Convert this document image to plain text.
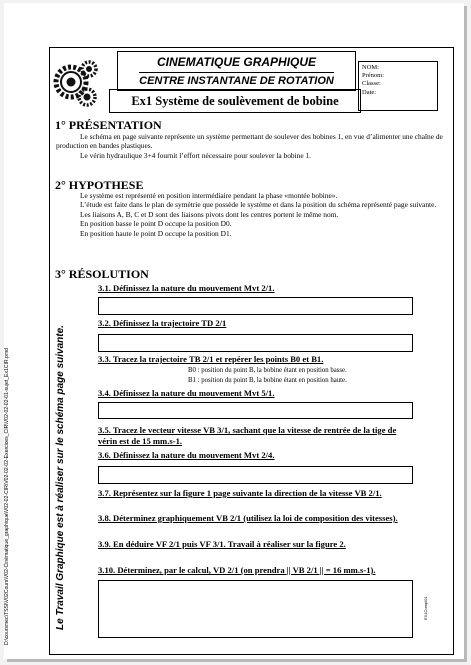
D:\coursmec\TSSI\V02Cours\V02-Cinématique_graphique\V02-02-CIR\V02-02-02-Exercices_CIR\V02-02-02-01-sujet_Ex1CIR.pmd	Le Travail Graphique est à réaliser sur le schéma page suivante.
CINEMATIQUE GRAPHIQUE
CENTRE INSTANTANE DE ROTATION
Ex1 Système de soulèvement de bobine
NOM:
Prénom:
Classe:
Date:
1° PRÉSENTATION

Le schéma en page suivante représente un système permettant de soulever des bobines 1, en vue d’alimenter une chaîne de production en bandes plastiques.

Le vérin hydraulique 3+4 fournit l’effort nécessaire pour soulever la bobine 1.

2° HYPOTHESE

Le système est représenté en position intermédiaire pendant la phase «montée bobine».

L’étude est faite dans le plan de symétrie que possède le système et dans la position du schéma représenté page suivante.

Les liaisons A, B, C et D sont des liaisons pivots dont les centres portent le même nom.

En position basse le point D occupe la position D0.

En position haute le point D occupe la position D1.

3° RÉSOLUTION
3.1. Définissez la nature du mouvement Mvt 2/1.
3.2. Définissez la trajectoire TD 2/1
3.3. Tracez la trajectoire TB 2/1 et repérer les points B0 et B1.
B0 : position du point B, la bobine étant en position basse.
B1 : position du point B, la bobine étant en position haute.
3.4. Définissez la nature du mouvement Mvt 5/1.
3.5. Tracez le vecteur vitesse VB 3/1, sachant que la vitesse de rentrée de la tige de
vérin est de 15 mm.s-1.
3.6. Définissez la nature du mouvement Mvt 2/4.
3.7. Représentez sur la figure 1 page suivante la direction de la vitesse VB 2/1.
3.8. Déterminez graphiquement VB 2/1 (utilisez la loi de composition des vitesses).
3.9. En déduire VF 2/1 puis VF 3/1. Travail à réaliser sur la figure 2.
3.10. Déterminez, par le calcul, VD 2/1 (on prendra || VB 2/1 || = 16 mm.s-1).
EX1Compl01
